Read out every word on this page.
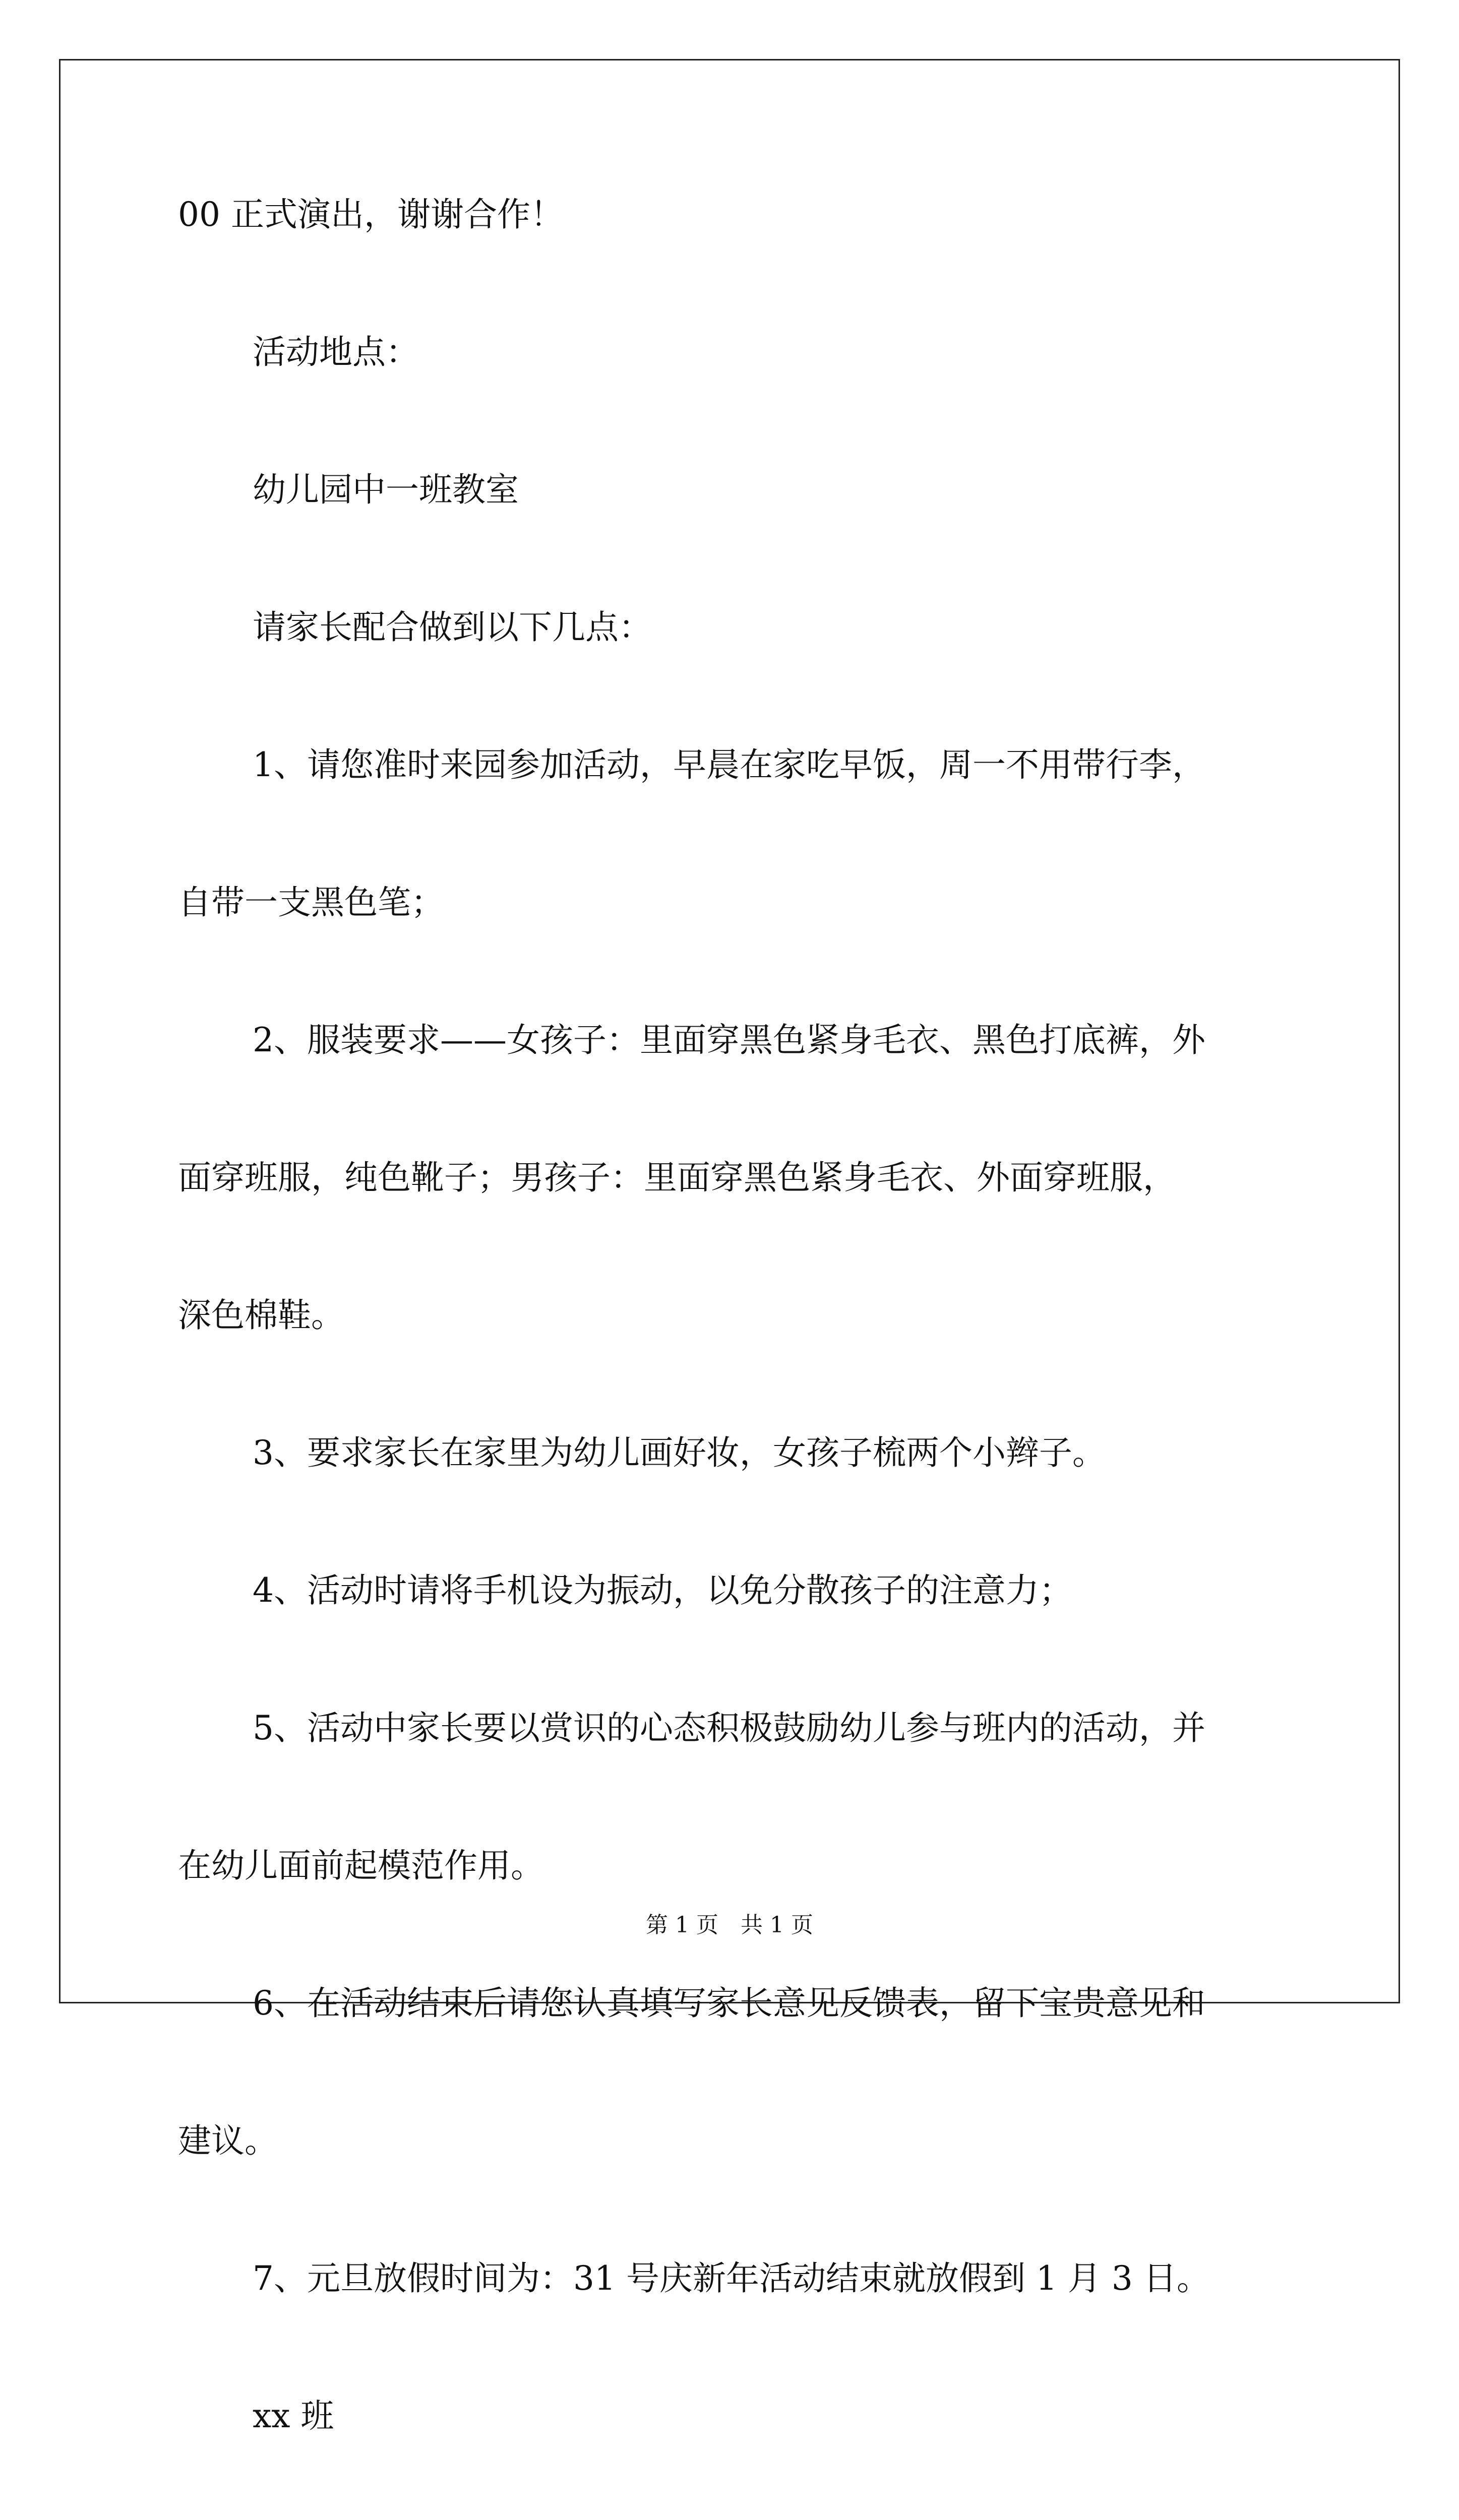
00 正式演出，谢谢合作！

活动地点：

幼儿园中一班教室

请家长配合做到以下几点：

1、请您准时来园参加活动，早晨在家吃早饭，周一不用带行李，

自带一支黑色笔；

2、服装要求——女孩子：里面穿黑色紧身毛衣、黑色打底裤，外

面穿班服，纯色靴子；男孩子：里面穿黑色紧身毛衣、外面穿班服，

深色棉鞋。

3、要求家长在家里为幼儿画好妆，女孩子梳两个小辫子。

4、活动时请将手机设为振动，以免分散孩子的注意力；

5、活动中家长要以赏识的心态积极鼓励幼儿参与班内的活动，并

在幼儿面前起模范作用。

6、在活动结束后请您认真填写家长意见反馈表，留下宝贵意见和

建议。

7、元旦放假时间为：31 号庆新年活动结束就放假到 1 月 3 日。

xx 班

第 1 页　共 1 页
